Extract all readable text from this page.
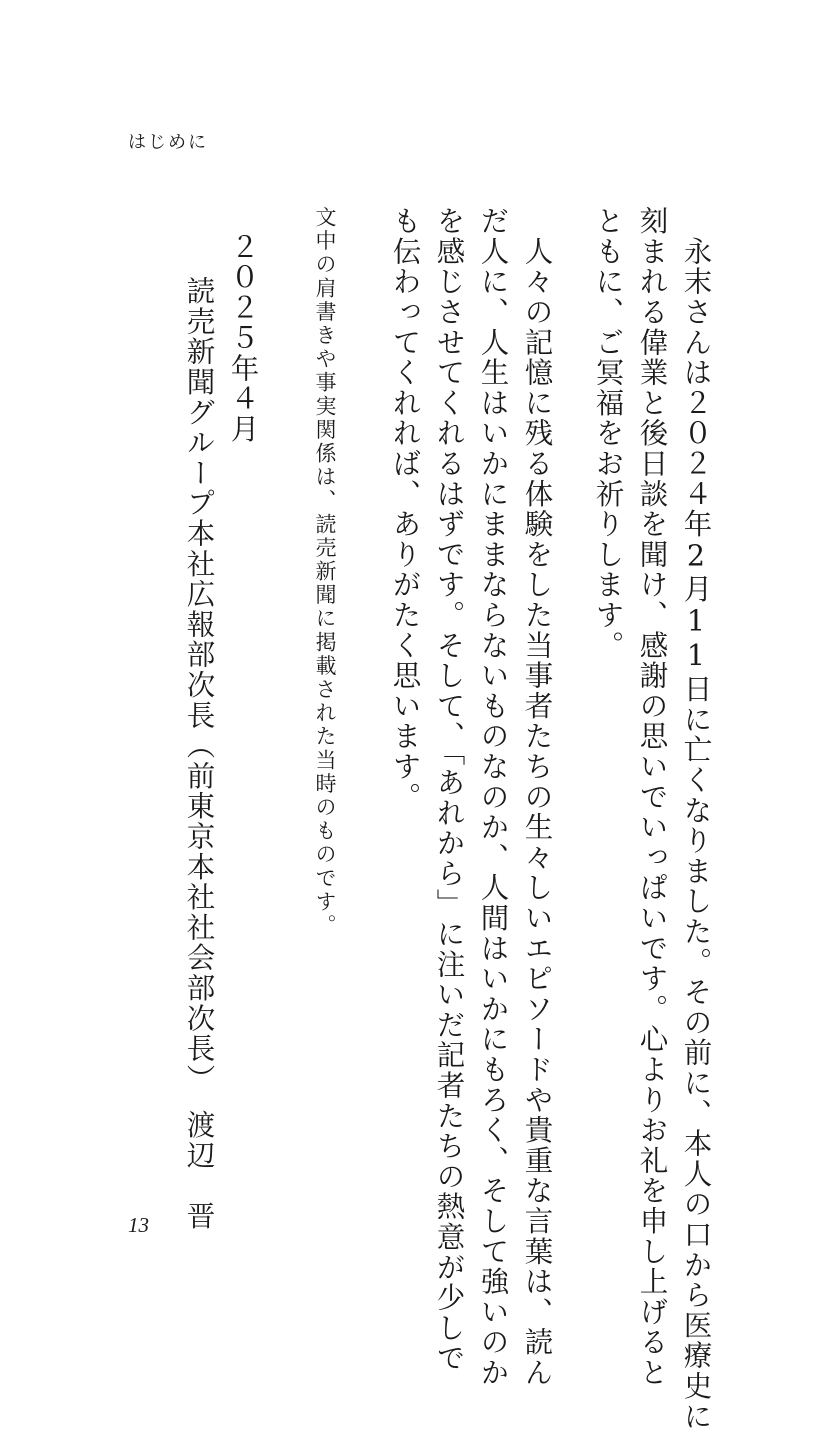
はじめに
　永末さんは２０２４年2月11日に亡くなりました。その前に、本人の口から医療史に
刻まれる偉業と後日談を聞け、感謝の思いでいっぱいです。心よりお礼を申し上げると
ともに、ご冥福をお祈りします。
　人々の記憶に残る体験をした当事者たちの生々しいエピソードや貴重な言葉は、読ん
だ人に、人生はいかにままならないものなのか、人間はいかにもろく、そして強いのか
を感じさせてくれるはずです。そして、「あれから」に注いだ記者たちの熱意が少しで
も伝わってくれれば、ありがたく思います。
文中の肩書きや事実関係は、読売新聞に掲載された当時のものです。
２０２５年４月
読売新聞グループ本社広報部次長（前東京本社社会部次長）　渡辺　晋
13
